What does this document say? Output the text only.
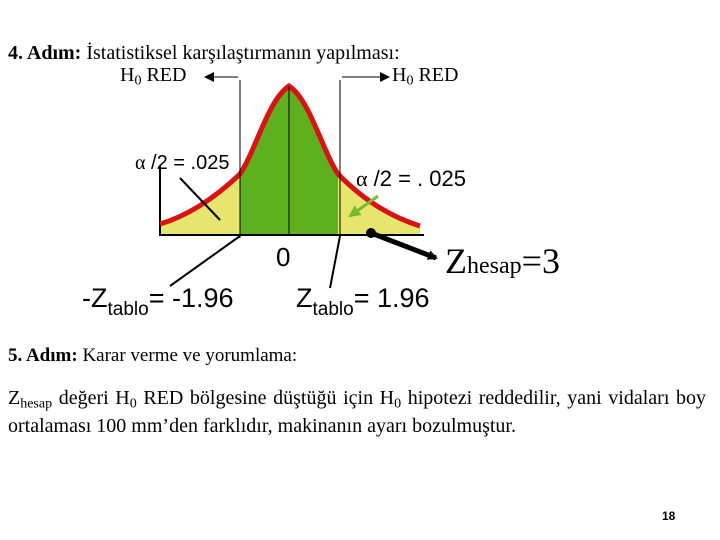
4. Adım: İstatistiksel karşılaştırmanın yapılması:
$H_0$ RED	$H_0$ RED
α /2 = .025
α /2 = . 025
0	Zhesap=3
$-Z_{tablo}= -1.96$ $Z_{tablo}= 1.96$
5. Adım: Karar verme ve yorumlama:
$Z_{hesap}$ değeri $H_0$ RED bölgesine düştüğü için $H_0$ hipotezi reddedilir, yani vidaları boy ortalaması 100 mm’den farklıdır, makinanın ayarı bozulmuştur.
18
